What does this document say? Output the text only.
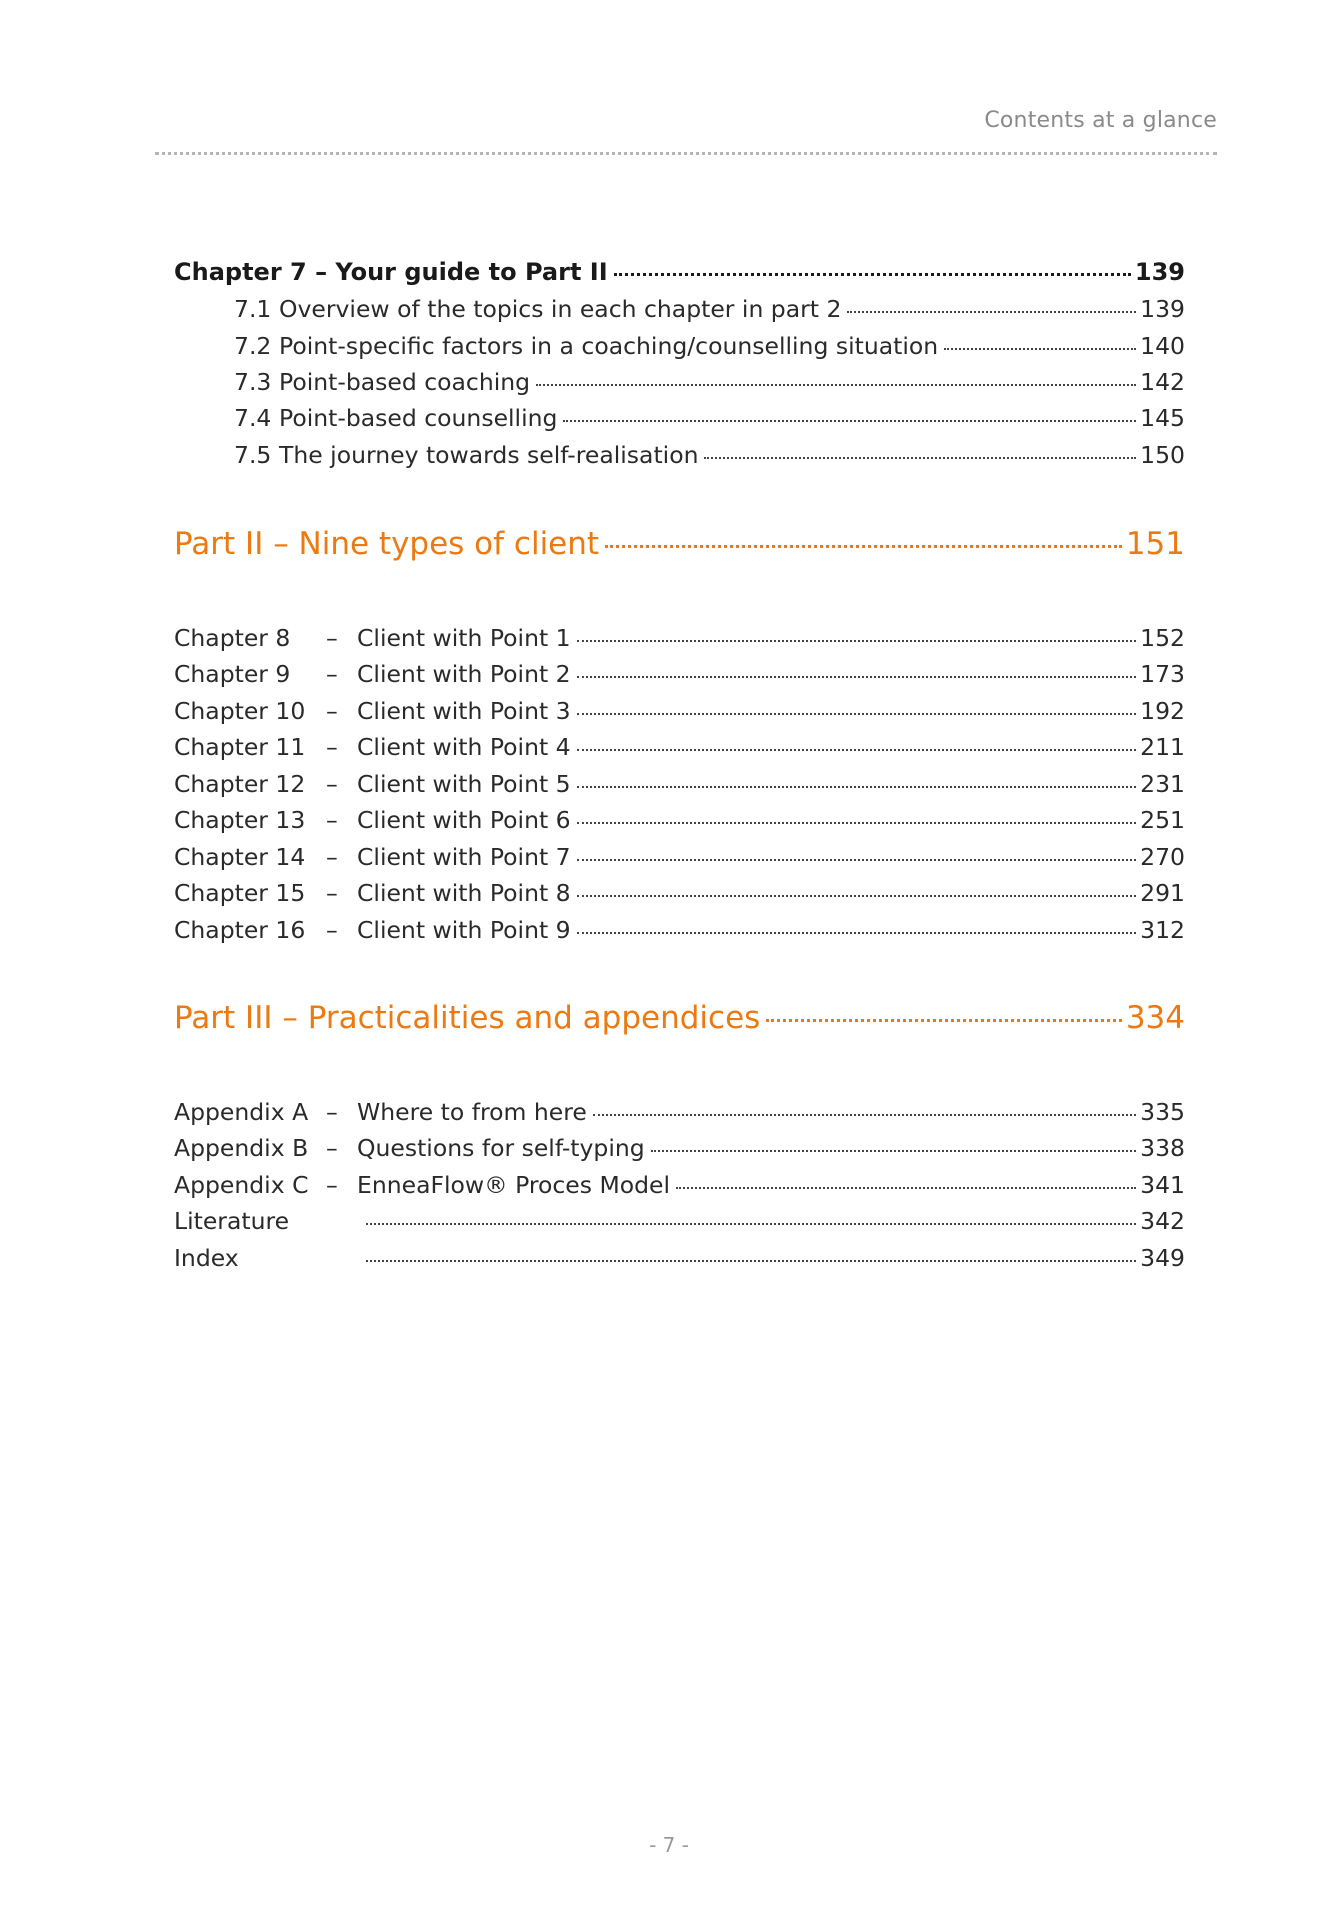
Contents at a glance
Chapter 7 – Your guide to Part II	139
7.1 Overview of the topics in each chapter in part 2	139
7.2 Point-specific factors in a coaching/counselling situation	140
7.3 Point-based coaching	142
7.4 Point-based counselling	145
7.5 The journey towards self-realisation	150
Part II – Nine types of client	151
Chapter 8	– Client with Point 1	152
Chapter 9	– Client with Point 2	173
Chapter 10 – Client with Point 3	192
Chapter 11 – Client with Point 4	211
Chapter 12 – Client with Point 5	231
Chapter 13 – Client with Point 6	251
Chapter 14 – Client with Point 7	270
Chapter 15 – Client with Point 8	291
Chapter 16 – Client with Point 9	312
Part III – Practicalities and appendices	334
Appendix A – Where to from here	335
Appendix B – Questions for self-typing	338
Appendix C – EnneaFlow® Proces Model	341
Literature	342
Index	349
- 7 -
